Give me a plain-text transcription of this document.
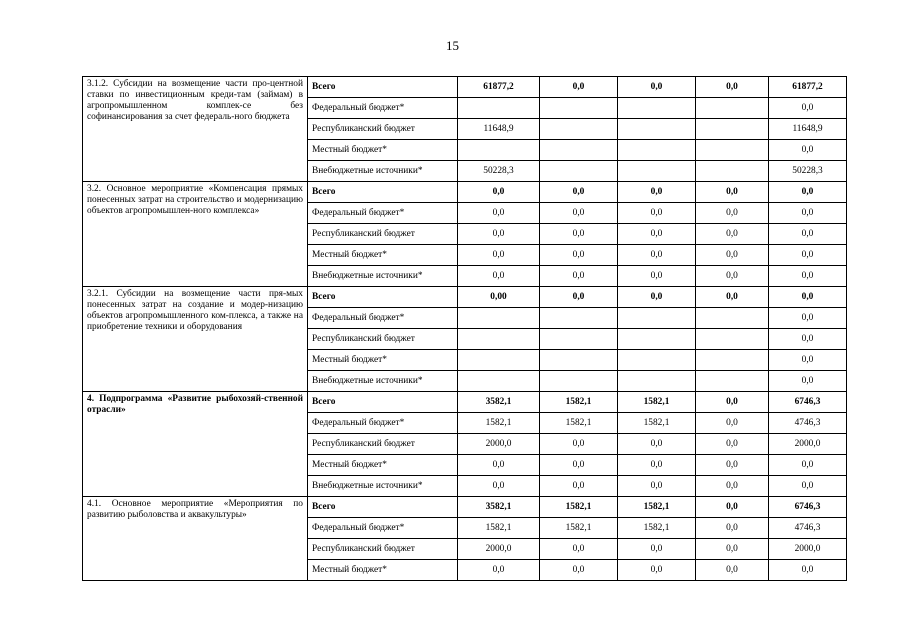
15
3.1.2. Субсидии на возмещение части про-центной ставки по инвестиционным креди-там (займам) в агропромышленном комплек-се без софинансирования за счет федераль-ного бюджета	Всего	61877,2	0,0	0,0	0,0	61877,2
	Федеральный бюджет*					0,0
	Республиканский бюджет	11648,9				11648,9
	Местный бюджет*					0,0
	Внебюджетные источники*	50228,3				50228,3
3.2. Основное мероприятие «Компенсация прямых понесенных затрат на строительство и модернизацию объектов агропромышлен-ного комплекса»	Всего	0,0	0,0	0,0	0,0	0,0
	Федеральный бюджет*	0,0	0,0	0,0	0,0	0,0
	Республиканский бюджет	0,0	0,0	0,0	0,0	0,0
	Местный бюджет*	0,0	0,0	0,0	0,0	0,0
	Внебюджетные источники*	0,0	0,0	0,0	0,0	0,0
3.2.1. Субсидии на возмещение части пря-мых понесенных затрат на создание и модер-низацию объектов агропромышленного ком-плекса, а также на приобретение техники и оборудования	Всего	0,00	0,0	0,0	0,0	0,0
	Федеральный бюджет*					0,0
	Республиканский бюджет					0,0
	Местный бюджет*					0,0
	Внебюджетные источники*					0,0
4. Подпрограмма «Развитие рыбохозяй-ственной отрасли»	Всего	3582,1	1582,1	1582,1	0,0	6746,3
	Федеральный бюджет*	1582,1	1582,1	1582,1	0,0	4746,3
	Республиканский бюджет	2000,0	0,0	0,0	0,0	2000,0
	Местный бюджет*	0,0	0,0	0,0	0,0	0,0
	Внебюджетные источники*	0,0	0,0	0,0	0,0	0,0
4.1. Основное мероприятие «Мероприятия по развитию рыболовства и аквакультуры»	Всего	3582,1	1582,1	1582,1	0,0	6746,3
	Федеральный бюджет*	1582,1	1582,1	1582,1	0,0	4746,3
	Республиканский бюджет	2000,0	0,0	0,0	0,0	2000,0
	Местный бюджет*	0,0	0,0	0,0	0,0	0,0
